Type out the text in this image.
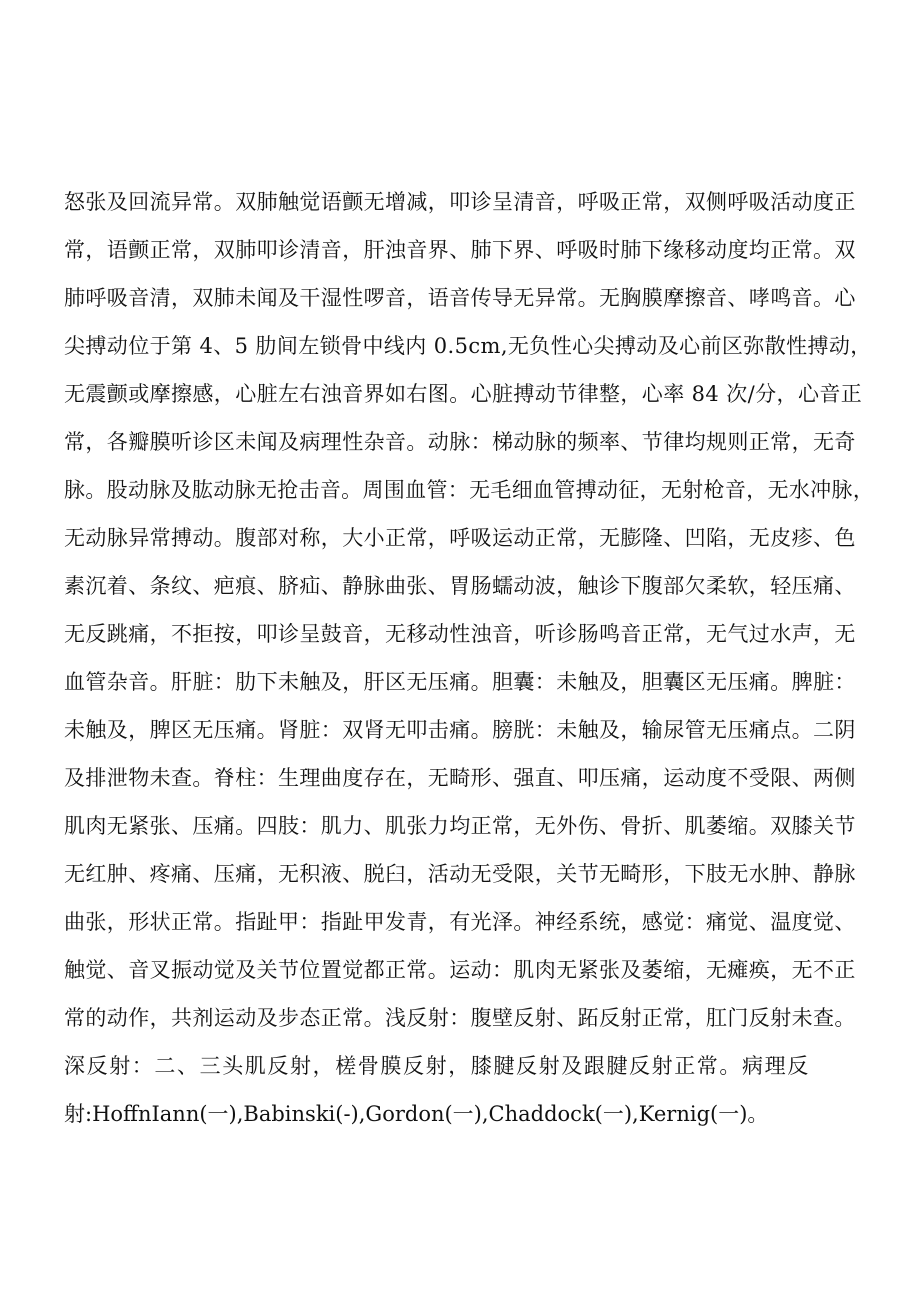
怒张及回流异常。双肺触觉语颤无增减，叩诊呈清音，呼吸正常，双侧呼吸活动度正
常，语颤正常，双肺叩诊清音，肝浊音界、肺下界、呼吸时肺下缘移动度均正常。双
肺呼吸音清，双肺未闻及干湿性啰音，语音传导无异常。无胸膜摩擦音、哮鸣音。心
尖搏动位于第 4、5 肋间左锁骨中线内 0.5cm,无负性心尖搏动及心前区弥散性搏动，
无震颤或摩擦感，心脏左右浊音界如右图。心脏搏动节律整，心率 84 次/分，心音正
常，各瓣膜听诊区未闻及病理性杂音。动脉：梯动脉的频率、节律均规则正常，无奇
脉。股动脉及肱动脉无抢击音。周围血管：无毛细血管搏动征，无射枪音，无水冲脉，
无动脉异常搏动。腹部对称，大小正常，呼吸运动正常，无膨隆、凹陷，无皮疹、色
素沉着、条纹、疤痕、脐疝、静脉曲张、胃肠蠕动波，触诊下腹部欠柔软，轻压痛、
无反跳痛，不拒按，叩诊呈鼓音，无移动性浊音，听诊肠鸣音正常，无气过水声，无
血管杂音。肝脏：肋下未触及，肝区无压痛。胆囊：未触及，胆囊区无压痛。脾脏：
未触及，脾区无压痛。肾脏：双肾无叩击痛。膀胱：未触及，输尿管无压痛点。二阴
及排泄物未查。脊柱：生理曲度存在，无畸形、强直、叩压痛，运动度不受限、两侧
肌肉无紧张、压痛。四肢：肌力、肌张力均正常，无外伤、骨折、肌萎缩。双膝关节
无红肿、疼痛、压痛，无积液、脱臼，活动无受限，关节无畸形，下肢无水肿、静脉
曲张，形状正常。指趾甲：指趾甲发青，有光泽。神经系统，感觉：痛觉、温度觉、
触觉、音叉振动觉及关节位置觉都正常。运动：肌肉无紧张及萎缩，无瘫痪，无不正
常的动作，共剂运动及步态正常。浅反射：腹壁反射、跖反射正常，肛门反射未查。
深反射：二、三头肌反射，槎骨膜反射，膝腱反射及跟腱反射正常。病理反
射:HoffnIann(一),Babinski(-),Gordon(一),Chaddock(一),Kernig(一)。
